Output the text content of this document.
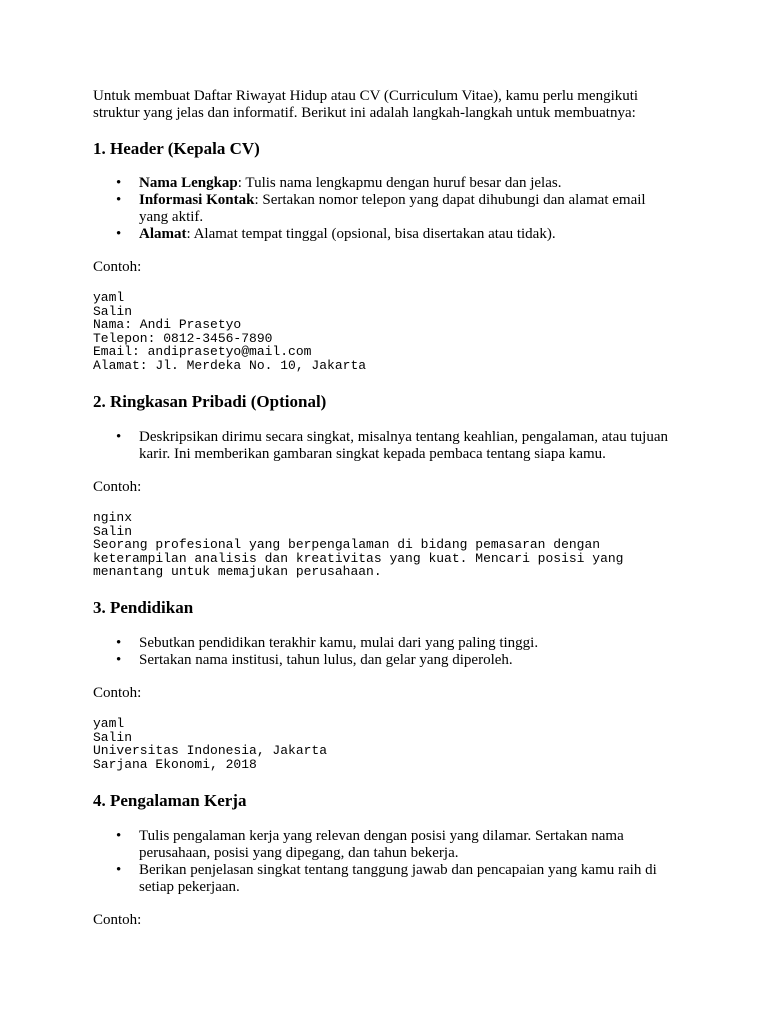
Untuk membuat Daftar Riwayat Hidup atau CV (Curriculum Vitae), kamu perlu mengikuti struktur yang jelas dan informatif. Berikut ini adalah langkah-langkah untuk membuatnya:

1. Header (Kepala CV)
• Nama Lengkap: Tulis nama lengkapmu dengan huruf besar dan jelas.
• Informasi Kontak: Sertakan nomor telepon yang dapat dihubungi dan alamat email yang aktif.
• Alamat: Alamat tempat tinggal (opsional, bisa disertakan atau tidak).

Contoh:

yaml
Salin
Nama: Andi Prasetyo
Telepon: 0812-3456-7890
Email: andiprasetyo@mail.com
Alamat: Jl. Merdeka No. 10, Jakarta
2. Ringkasan Pribadi (Optional)
• Deskripsikan dirimu secara singkat, misalnya tentang keahlian, pengalaman, atau tujuan karir. Ini memberikan gambaran singkat kepada pembaca tentang siapa kamu.

Contoh:

nginx
Salin
Seorang profesional yang berpengalaman di bidang pemasaran dengan
keterampilan analisis dan kreativitas yang kuat. Mencari posisi yang
menantang untuk memajukan perusahaan.
3. Pendidikan
• Sebutkan pendidikan terakhir kamu, mulai dari yang paling tinggi.
• Sertakan nama institusi, tahun lulus, dan gelar yang diperoleh.

Contoh:

yaml
Salin
Universitas Indonesia, Jakarta
Sarjana Ekonomi, 2018
4. Pengalaman Kerja
• Tulis pengalaman kerja yang relevan dengan posisi yang dilamar. Sertakan nama perusahaan, posisi yang dipegang, dan tahun bekerja.
• Berikan penjelasan singkat tentang tanggung jawab dan pencapaian yang kamu raih di setiap pekerjaan.

Contoh:
